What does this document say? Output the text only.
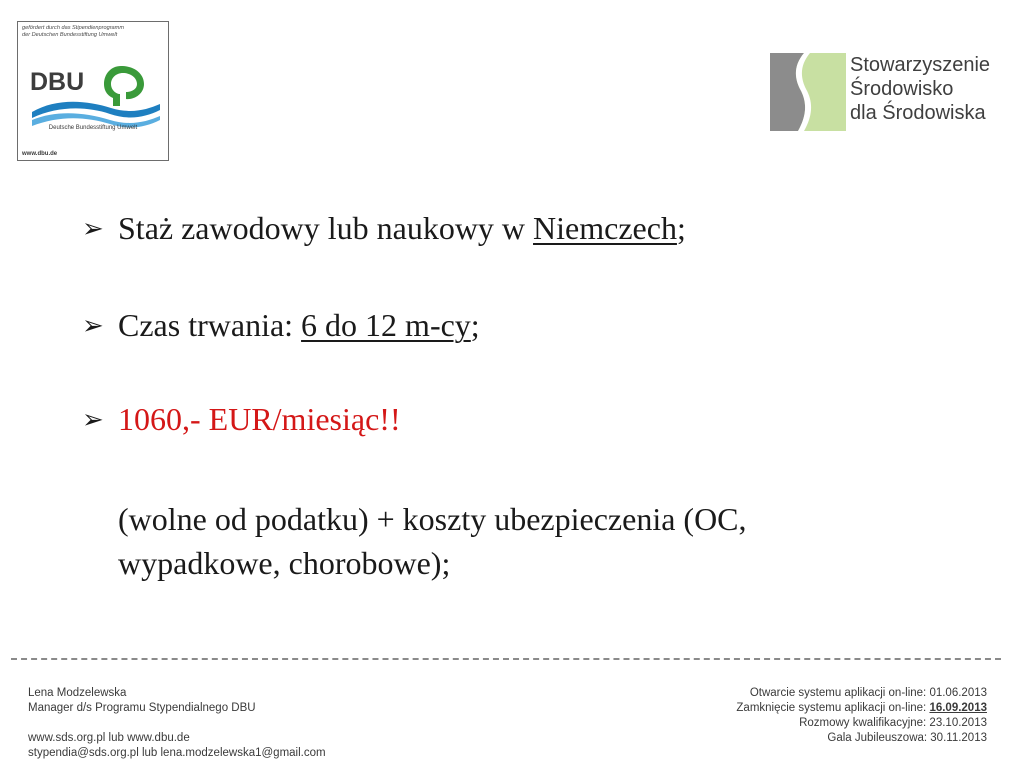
gefördert durch das Stipendienprogramm
der Deutschen Bundesstiftung Umwelt
DBU
Deutsche Bundesstiftung Umwelt
www.dbu.de
Stowarzyszenie
Środowisko
dla Środowiska
➢ Staż zawodowy lub naukowy w Niemczech;
➢ Czas trwania: 6 do 12 m-cy;
➢ 1060,- EUR/miesiąc!!
(wolne od podatku) + koszty ubezpieczenia (OC,
wypadkowe, chorobowe);
Lena Modzelewska
Manager d/s Programu Stypendialnego DBU
www.sds.org.pl lub www.dbu.de
stypendia@sds.org.pl lub lena.modzelewska1@gmail.com
Otwarcie systemu aplikacji on-line: 01.06.2013
Zamknięcie systemu aplikacji on-line: 16.09.2013
Rozmowy kwalifikacyjne: 23.10.2013
Gala Jubileuszowa: 30.11.2013
